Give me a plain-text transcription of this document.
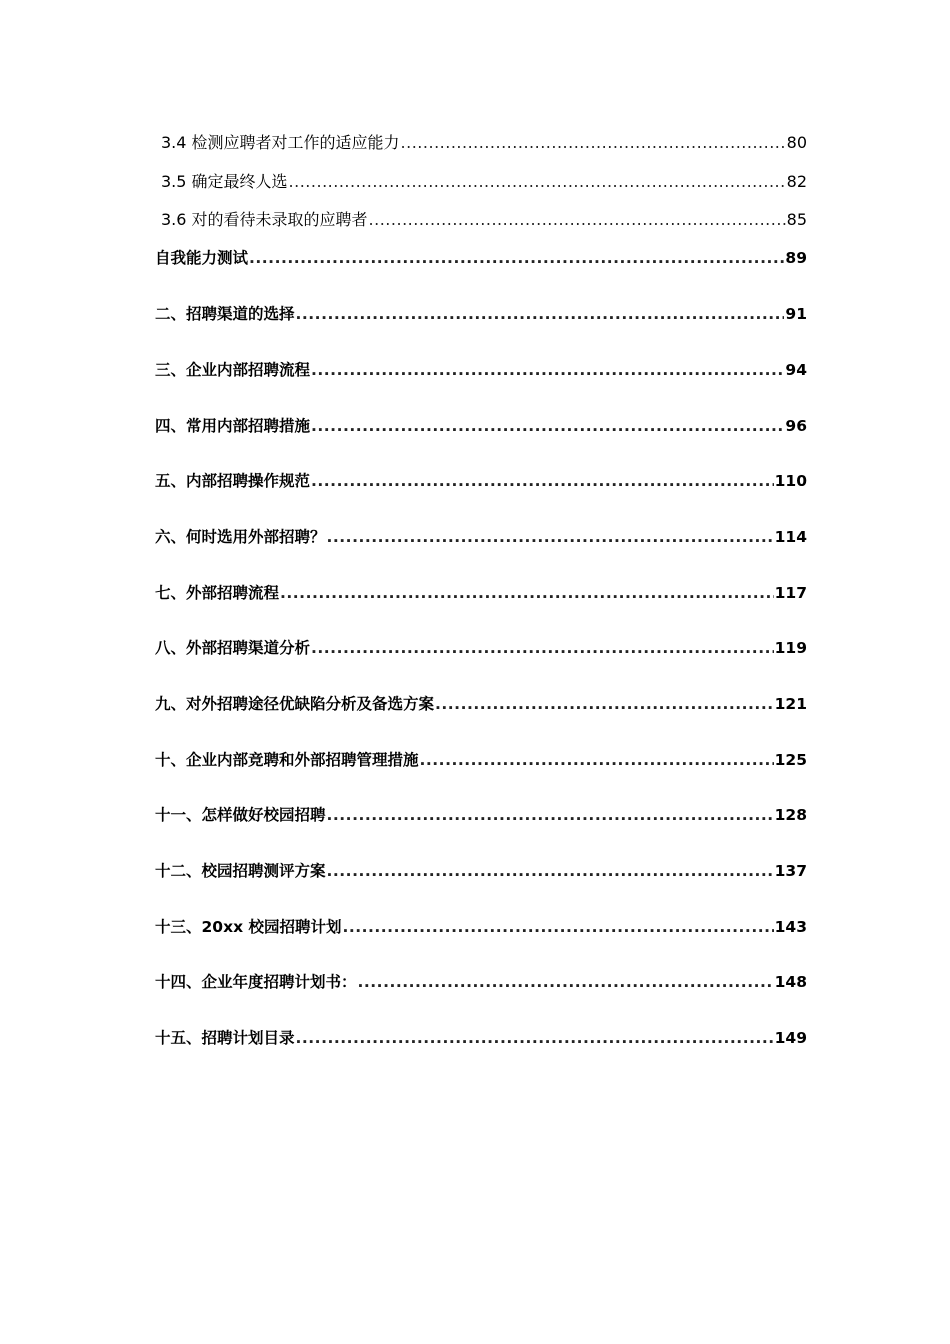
3.4 检测应聘者对工作的适应能力 .....	80
3.5 确定最终人选 .....	82
3.6 对的看待未录取的应聘者 .....	85
自我能力测试 .....	89
二、招聘渠道的选择 .....	91
三、企业内部招聘流程 .....	94
四、常用内部招聘措施 .....	96
五、内部招聘操作规范 .....	110
六、何时选用外部招聘？ .....	114
七、外部招聘流程 .....	117
八、外部招聘渠道分析 .....	119
九、对外招聘途径优缺陷分析及备选方案 .....	121
十、企业内部竞聘和外部招聘管理措施 .....	125
十一、怎样做好校园招聘 .....	128
十二、校园招聘测评方案 .....	137
十三、20xx 校园招聘计划 .....	143
十四、企业年度招聘计划书： .....	148
十五、招聘计划目录 .....	149
